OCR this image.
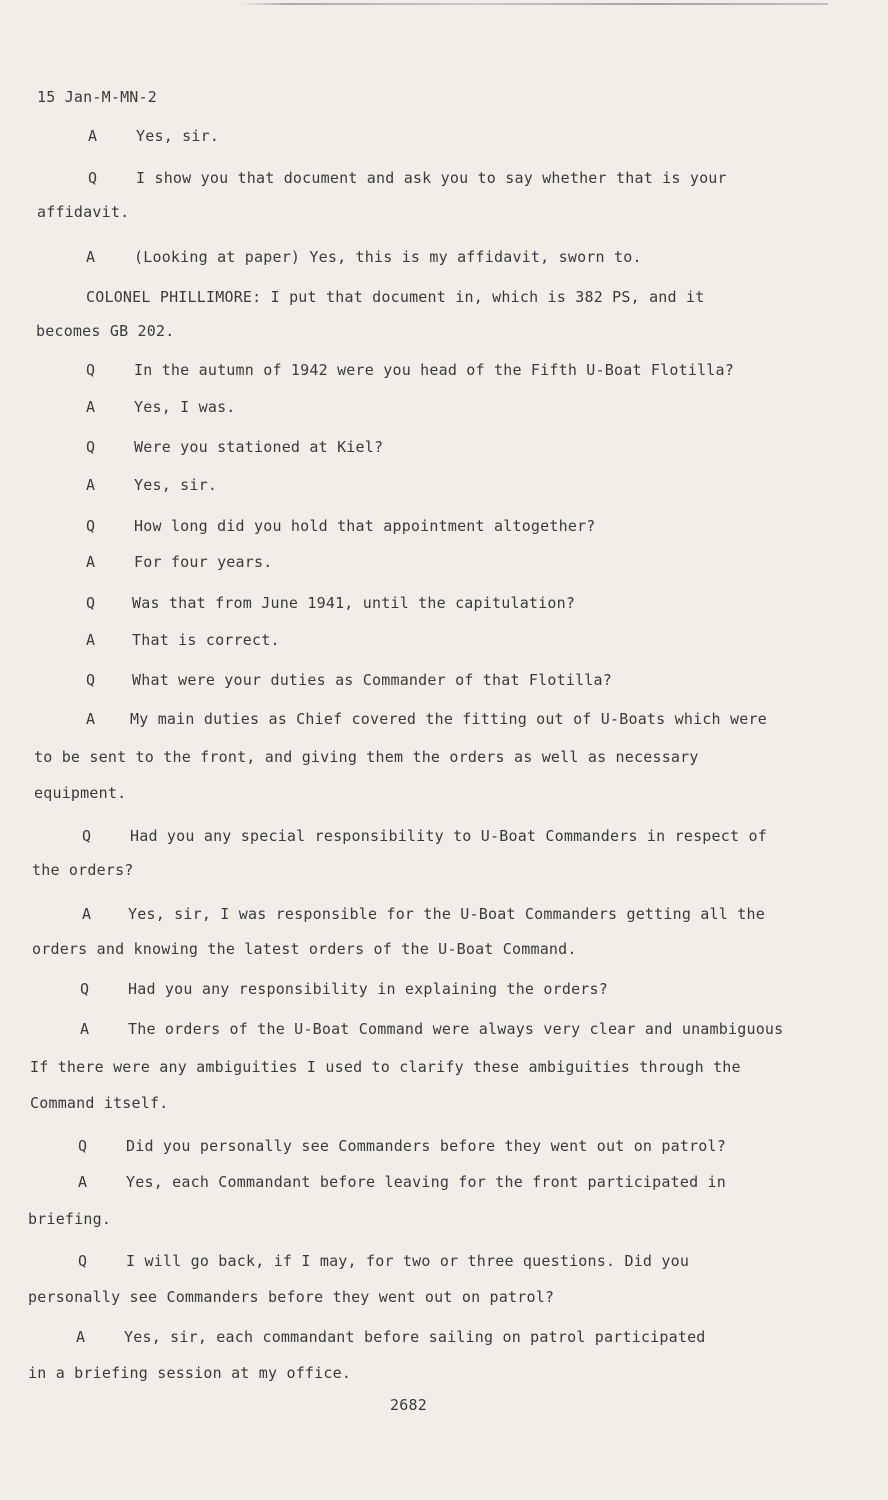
15 Jan-M-MN-2
A	Yes, sir.
Q	I show you that document and ask you to say whether that is your
affidavit.
A	(Looking at paper) Yes, this is my affidavit, sworn to.
COLONEL PHILLIMORE: I put that document in, which is 382 PS, and it
becomes GB 202.
Q	In the autumn of 1942 were you head of the Fifth U-Boat Flotilla?
A	Yes, I was.
Q	Were you stationed at Kiel?
A	Yes, sir.
Q	How long did you hold that appointment altogether?
A	For four years.
Q Was that from June 1941, until the capitulation?
A That is correct.
Q What were your duties as Commander of that Flotilla?
A My main duties as Chief covered the fitting out of U-Boats which were
to be sent to the front, and giving them the orders as well as necessary
equipment.
Q	Had you any special responsibility to U-Boat Commanders in respect of
the orders?
A Yes, sir, I was responsible for the U-Boat Commanders getting all the
orders and knowing the latest orders of the U-Boat Command.
Q	Had you any responsibility in explaining the orders?
A	The orders of the U-Boat Command were always very clear and unambiguous
If there were any ambiguities I used to clarify these ambiguities through the
Command itself.
Q	Did you personally see Commanders before they went out on patrol?
A	Yes, each Commandant before leaving for the front participated in
briefing.
Q	I will go back, if I may, for two or three questions. Did you
personally see Commanders before they went out on patrol?
A	Yes, sir, each commandant before sailing on patrol participated
in a briefing session at my office.
2682
